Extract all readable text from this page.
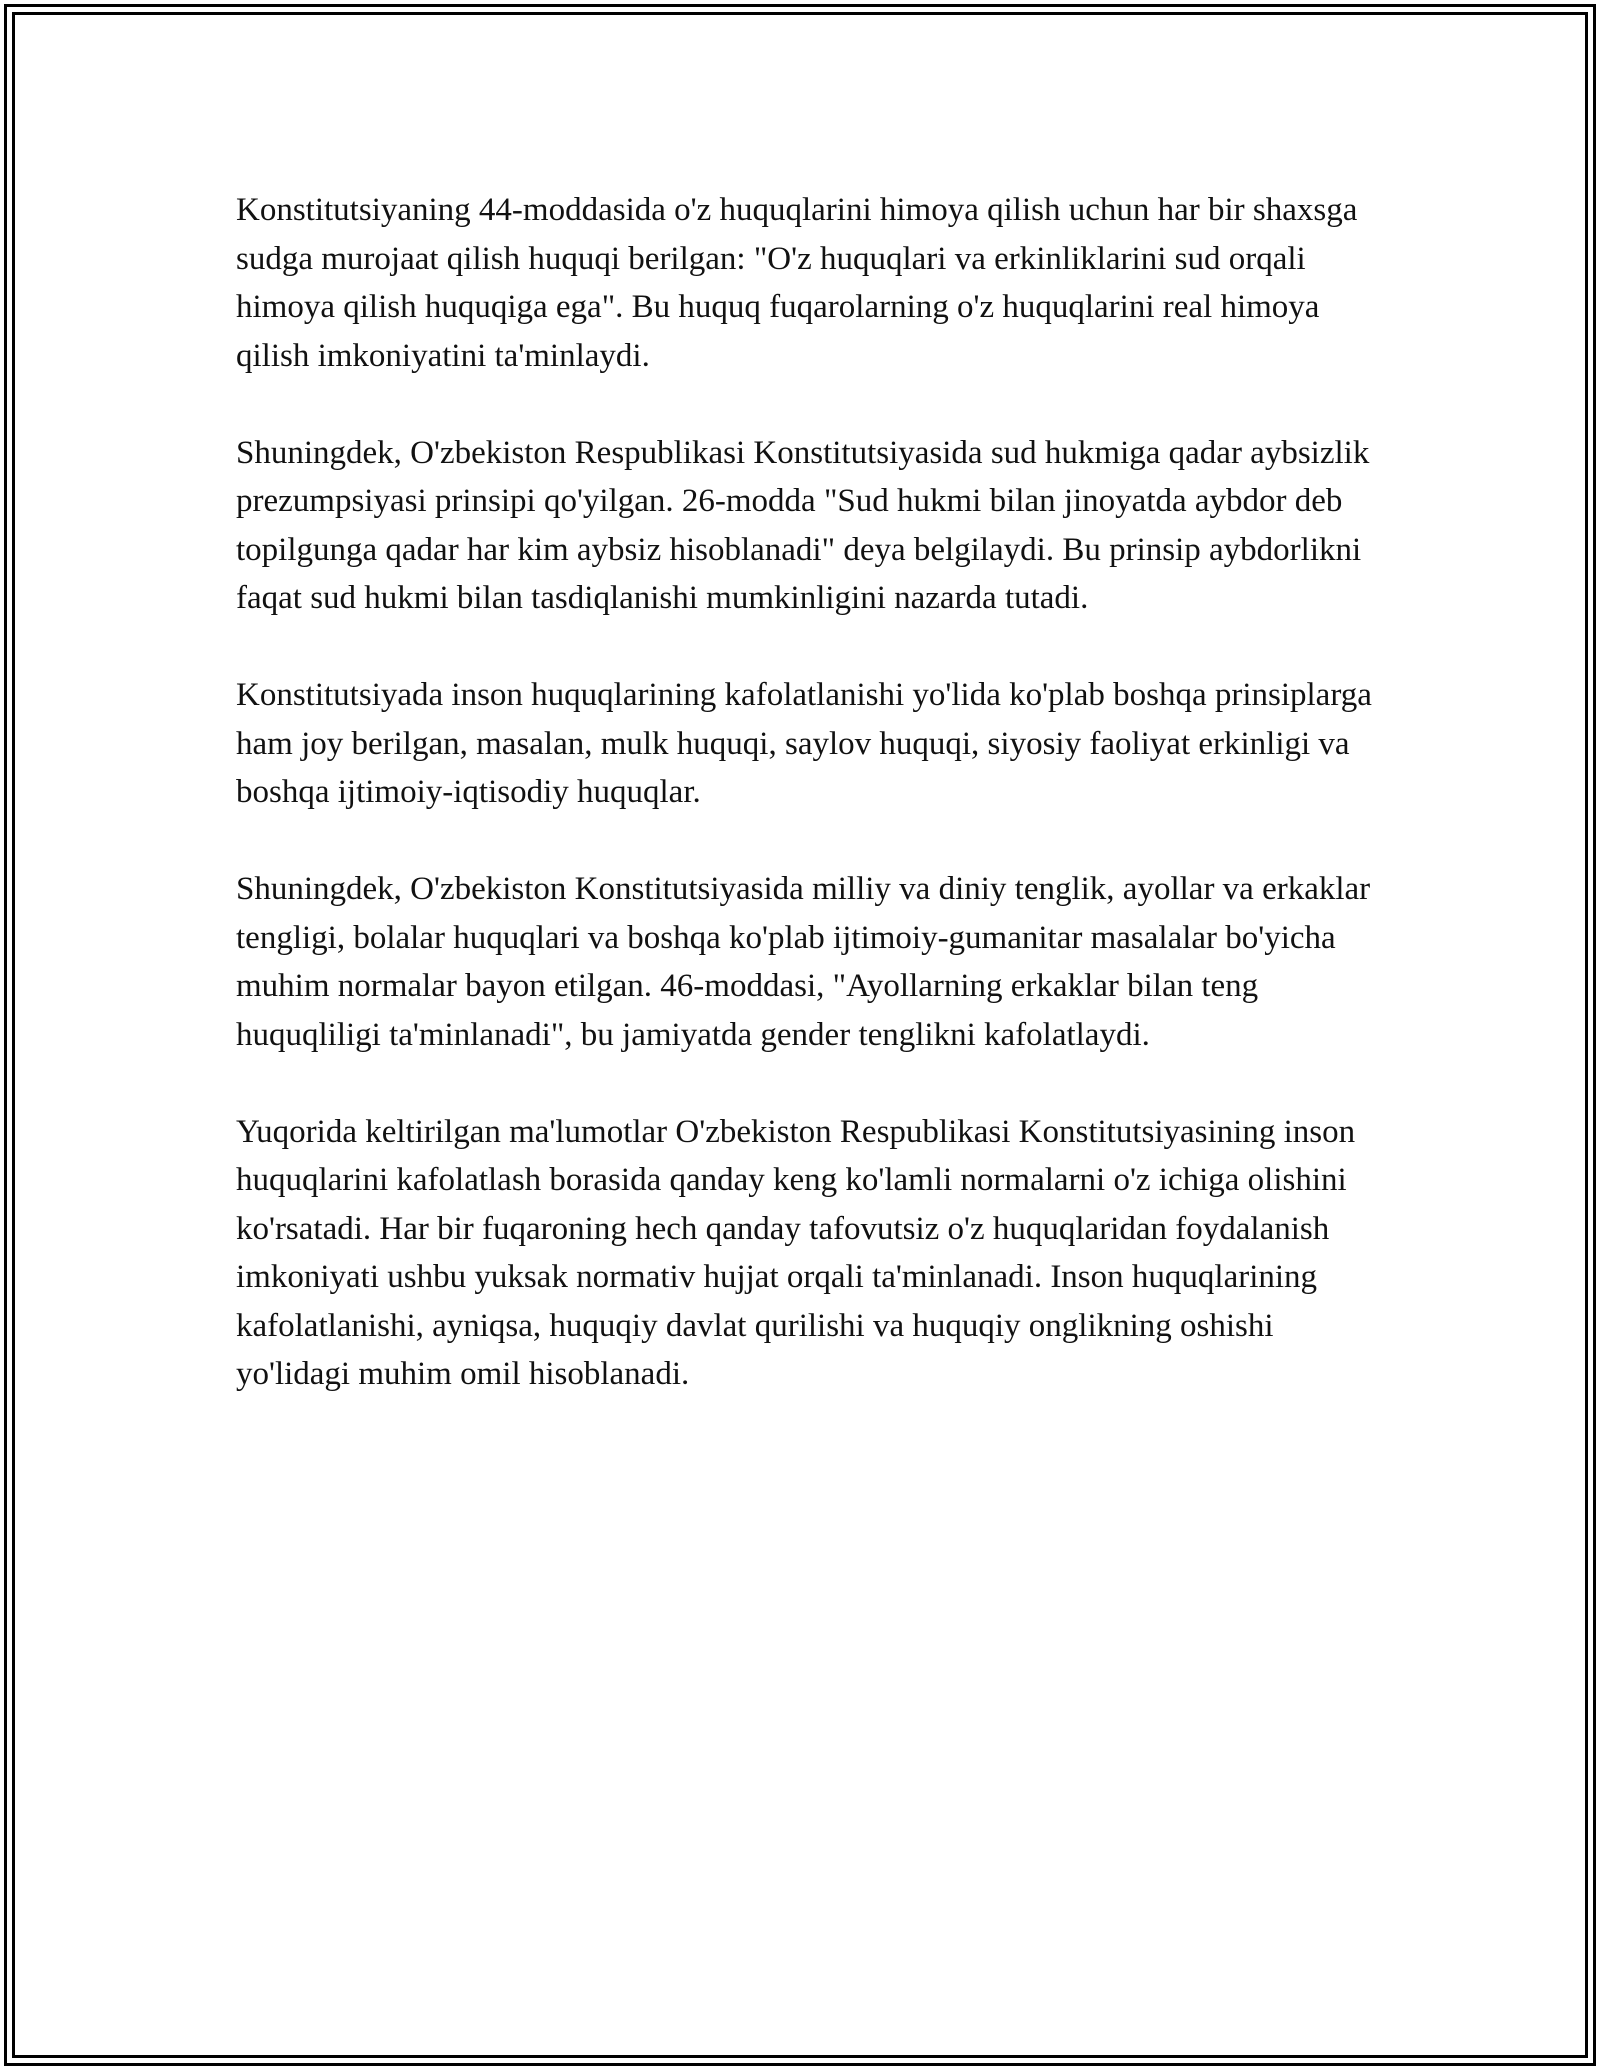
Konstitutsiyaning 44-moddasida o'z huquqlarini himoya qilish uchun har bir shaxsga sudga murojaat qilish huquqi berilgan: "O'z huquqlari va erkinliklarini sud orqali himoya qilish huquqiga ega". Bu huquq fuqarolarning o'z huquqlarini real himoya qilish imkoniyatini ta'minlaydi.

Shuningdek, O'zbekiston Respublikasi Konstitutsiyasida sud hukmiga qadar aybsizlik prezumpsiyasi prinsipi qo'yilgan. 26-modda "Sud hukmi bilan jinoyatda aybdor deb topilgunga qadar har kim aybsiz hisoblanadi" deya belgilaydi. Bu prinsip aybdorlikni faqat sud hukmi bilan tasdiqlanishi mumkinligini nazarda tutadi.

Konstitutsiyada inson huquqlarining kafolatlanishi yo'lida ko'plab boshqa prinsiplarga ham joy berilgan, masalan, mulk huquqi, saylov huquqi, siyosiy faoliyat erkinligi va boshqa ijtimoiy-iqtisodiy huquqlar.

Shuningdek, O'zbekiston Konstitutsiyasida milliy va diniy tenglik, ayollar va erkaklar tengligi, bolalar huquqlari va boshqa ko'plab ijtimoiy-gumanitar masalalar bo'yicha muhim normalar bayon etilgan. 46-moddasi, "Ayollarning erkaklar bilan teng huquqliligi ta'minlanadi", bu jamiyatda gender tenglikni kafolatlaydi.

Yuqorida keltirilgan ma'lumotlar O'zbekiston Respublikasi Konstitutsiyasining inson huquqlarini kafolatlash borasida qanday keng ko'lamli normalarni o'z ichiga olishini ko'rsatadi. Har bir fuqaroning hech qanday tafovutsiz o'z huquqlaridan foydalanish imkoniyati ushbu yuksak normativ hujjat orqali ta'minlanadi. Inson huquqlarining kafolatlanishi, ayniqsa, huquqiy davlat qurilishi va huquqiy onglikning oshishi yo'lidagi muhim omil hisoblanadi.
